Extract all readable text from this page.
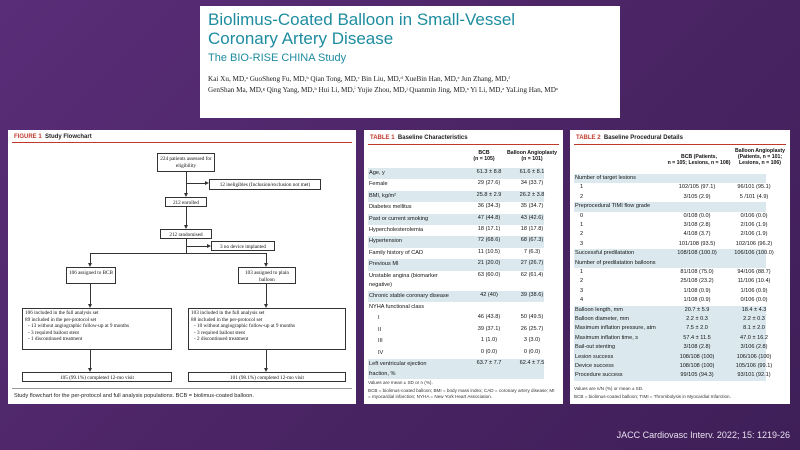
Biolimus-Coated Balloon in Small-Vessel
Coronary Artery Disease
The BIO-RISE CHINA Study
Kai Xu, MD,ᵃ GuoSheng Fu, MD,ᵇ Qian Tong, MD,ᶜ Bin Liu, MD,ᵈ XueBin Han, MD,ᵉ Jun Zhang, MD,ᶠ
GenShan Ma, MD,ᵍ Qing Yang, MD,ʰ Hui Li, MD,ⁱ Yujie Zhou, MD,ʲ Quanmin Jing, MD,ᵃ Yi Li, MD,ᵃ YaLing Han, MDᵃ
FIGURE 1 Study Flowchart
224 patients assessed for eligibility
12 ineligibles (Inclusion/exclusion not met)
212 enrolled
212 randomised
3 no device implanted
106 assigned to BCB	103 assigned to plain balloon
106 included in the full analysis set
89 included in the per-protocol set
- 13 without angiographic follow-up at 9 months
- 3 required bailout stent
- 1 discontinued treatment
103 included in the full analysis set
88 included in the per-protocol set
- 10 without angiographic follow-up at 9 months
- 3 required bailout stent
- 2 discontinued treatment
105 (99.1%) completed 12-mo visit	101 (98.1%) completed 12-mo visit
Study flowchart for the per-protocol and full analysis populations. BCB = biolimus-coated balloon.
TABLE 1 Baseline Characteristics
BCB
(n = 105)
Balloon Angioplasty
(n = 101)
Age, y	61.3 ± 8.8	61.6 ± 8.1
Female	29 (27.6)	34 (33.7)
BMI, kg/m²	25.8 ± 2.9	26.2 ± 3.8
Diabetes mellitus	36 (34.3)	35 (34.7)
Past or current smoking	47 (44.8)	43 (42.6)
Hypercholesterolemia	18 (17.1)	18 (17.8)
Hypertension	72 (68.6)	68 (67.3)
Family history of CAD	11 (10.5)	7 (6.3)
Previous MI	21 (20.0)	27 (26.7)
Unstable angina (biomarker
negative)
63 (60.0)	62 (61.4)
Chronic stable coronary disease	42 (40)	39 (38.6)
NYHA functional class
I	46 (43.8)	50 (49.5)
II	39 (37.1)	26 (25.7)
III	1 (1.0)	3 (3.0)
IV	0 (0.0)	0 (0.0)
Left ventricular ejection
fraction, %
63.7 ± 7.7	62.4 ± 7.5
Values are mean ± SD or n (%).
BCB = biolimus-coated balloon; BMI = body mass index; CAD = coronary artery disease; MI = myocardial infarction; NYHA = New York Heart Association.
TABLE 2 Baseline Procedural Details
BCB (Patients,
n = 105; Lesions, n = 108)
Balloon Angioplasty
(Patients, n = 101;
Lesions, n = 106)
Number of target lesions
1	102/105 (97.1)	96/101 (95.1)
2	3/105 (2.9)	5 /101 (4.9)
Preprocedural TIMI flow grade
0	0/108 (0.0)	0/106 (0.0)
1	3/108 (2.8)	2/106 (1.9)
2	4/108 (3.7)	2/106 (1.9)
3	101/108 (93.5)	102/106 (96.2)
Successful predilatation	108/108 (100.0)	106/106 (100.0)
Number of predilatation balloons
1	81/108 (75.0)	94/106 (88.7)
2	25/108 (23.2)	11/106 (10.4)
3	1/108 (0.9)	1/106 (0.9)
4	1/108 (0.9)	0/106 (0.0)
Balloon length, mm	20.7 ± 5.9	18.4 ± 4.3
Balloon diameter, mm	2.2 ± 0.3	2.2 ± 0.3
Maximum inflation pressure, atm	7.5 ± 2.0	8.1 ± 2.0
Maximum inflation time, s	57.4 ± 11.5	47.0 ± 16.2
Bail-out stenting	3/108 (2.8)	3/106 (2.8)
Lesion success	108/108 (100)	106/106 (100)
Device success	108/108 (100)	105/106 (99.1)
Procedure success	99/105 (94.3)	93/101 (92.1)
Values are n/N (%) or mean ± SD.
BCB = biolimus-coated balloon; TIMI = Thrombolysis in Myocardial Infarction.
JACC Cardiovasc Interv. 2022; 15: 1219-26
